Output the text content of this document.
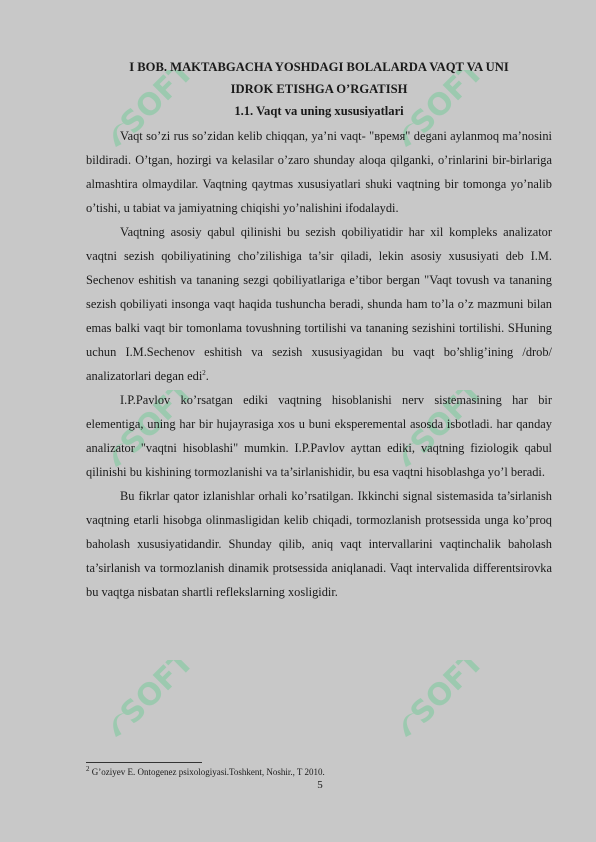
SOFT	SOFT
SOFT	SOFT
SOFT	SOFT

I BOB. MAKTABGACHA YOSHDAGI BOLALARDA VAQT VA UNI

IDROK ETISHGA O’RGATISH

1.1. Vaqt va uning xususiyatlari

Vaqt so’zi rus so’zidan kelib chiqqan, ya’ni vaqt- "время" degani aylanmoq ma’nosini bildiradi. O’tgan, hozirgi va kelasilar o’zaro shunday aloqa qilganki, o’rinlarini bir-birlariga almashtira olmaydilar. Vaqtning qaytmas xususiyatlari shuki vaqtning bir tomonga yo’nalib o’tishi, u tabiat va jamiyatning chiqishi yo’nalishini ifodalaydi.

Vaqtning asosiy qabul qilinishi bu sezish qobiliyatidir har xil kompleks analizator vaqtni sezish qobiliyatining cho’zilishiga ta’sir qiladi, lekin asosiy xususiyati deb I.M. Sechenov eshitish va tananing sezgi qobiliyatlariga e’tibor bergan "Vaqt tovush va tananing sezish qobiliyati insonga vaqt haqida tushuncha beradi, shunda ham to’la o’z mazmuni bilan emas balki vaqt bir tomonlama tovushning tortilishi va tananing sezishini tortilishi. SHuning uchun I.M.Sechenov eshitish va sezish xususiyagidan bu vaqt bo’shlig’ining /drob/ analizatorlari degan edi$^2$.

I.P.Pavlov ko’rsatgan ediki vaqtning hisoblanishi nerv sistemasining har bir elementiga, uning har bir hujayrasiga xos u buni eksperemental asosda isbotladi. har qanday analizator "vaqtni hisoblashi" mumkin. I.P.Pavlov ayttan ediki, vaqtning fiziologik qabul qilinishi bu kishining tormozlanishi va ta’sirlanishidir, bu esa vaqtni hisoblashga yo’l beradi.

Bu fikrlar qator izlanishlar orhali ko’rsatilgan. Ikkinchi signal sistemasida ta’sirlanish vaqtning etarli hisobga olinmasligidan kelib chiqadi, tormozlanish protsessida unga ko’proq baholash xususiyatidandir. Shunday qilib, aniq vaqt intervallarini vaqtinchalik baholash ta’sirlanish va tormozlanish dinamik protsessida aniqlanadi. Vaqt intervalida differentsirovka bu vaqtga nisbatan shartli reflekslarning xosligidir.

$^2$ G’oziyev E. Ontogenez psixologiyasi.Toshkent, Noshir., T 2010.
5
